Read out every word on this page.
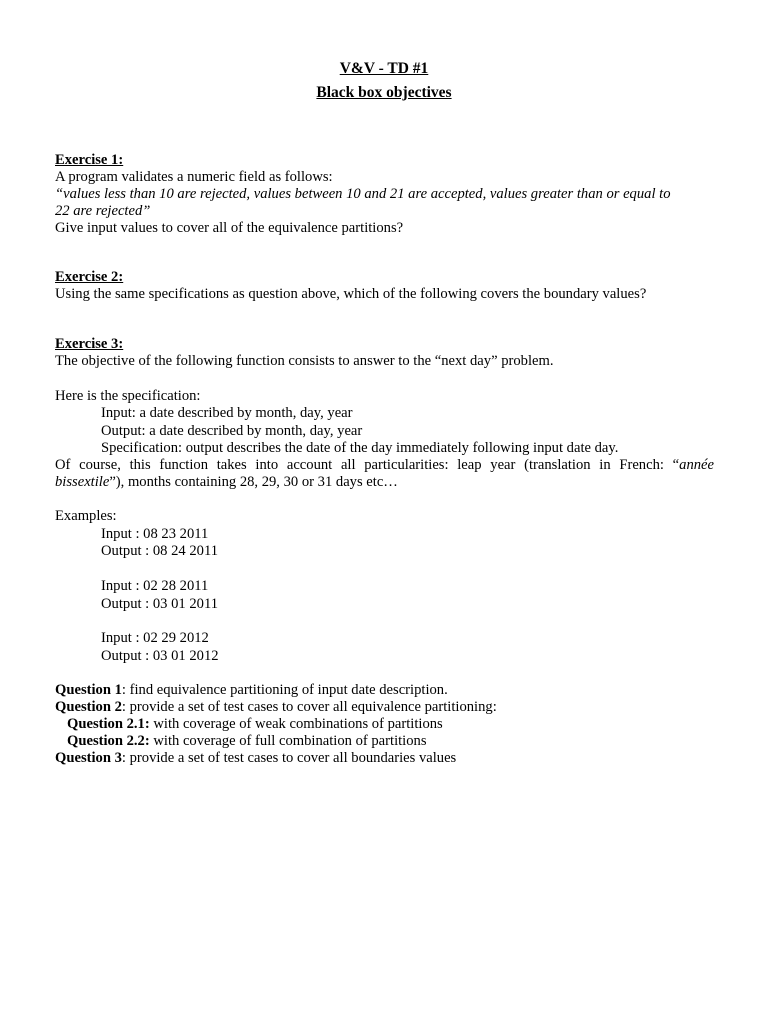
V&V - TD #1
Black box objectives
Exercise 1:
A program validates a numeric field as follows:
“values less than 10 are rejected, values between 10 and 21 are accepted, values greater than or equal to
22 are rejected”
Give input values to cover all of the equivalence partitions?
Exercise 2:
Using the same specifications as question above, which of the following covers the boundary values?
Exercise 3:
The objective of the following function consists to answer to the “next day” problem.
Here is the specification:
Input: a date described by month, day, year
Output: a date described by month, day, year
Specification: output describes the date of the day immediately following input date day.
Of course, this function takes into account all particularities: leap year (translation in French: “année
bissextile”), months containing 28, 29, 30 or 31 days etc…
Examples:
Input : 08 23 2011
Output : 08 24 2011
Input : 02 28 2011
Output : 03 01 2011
Input : 02 29 2012
Output : 03 01 2012
Question 1: find equivalence partitioning of input date description.
Question 2: provide a set of test cases to cover all equivalence partitioning:
Question 2.1: with coverage of weak combinations of partitions
Question 2.2: with coverage of full combination of partitions
Question 3: provide a set of test cases to cover all boundaries values
